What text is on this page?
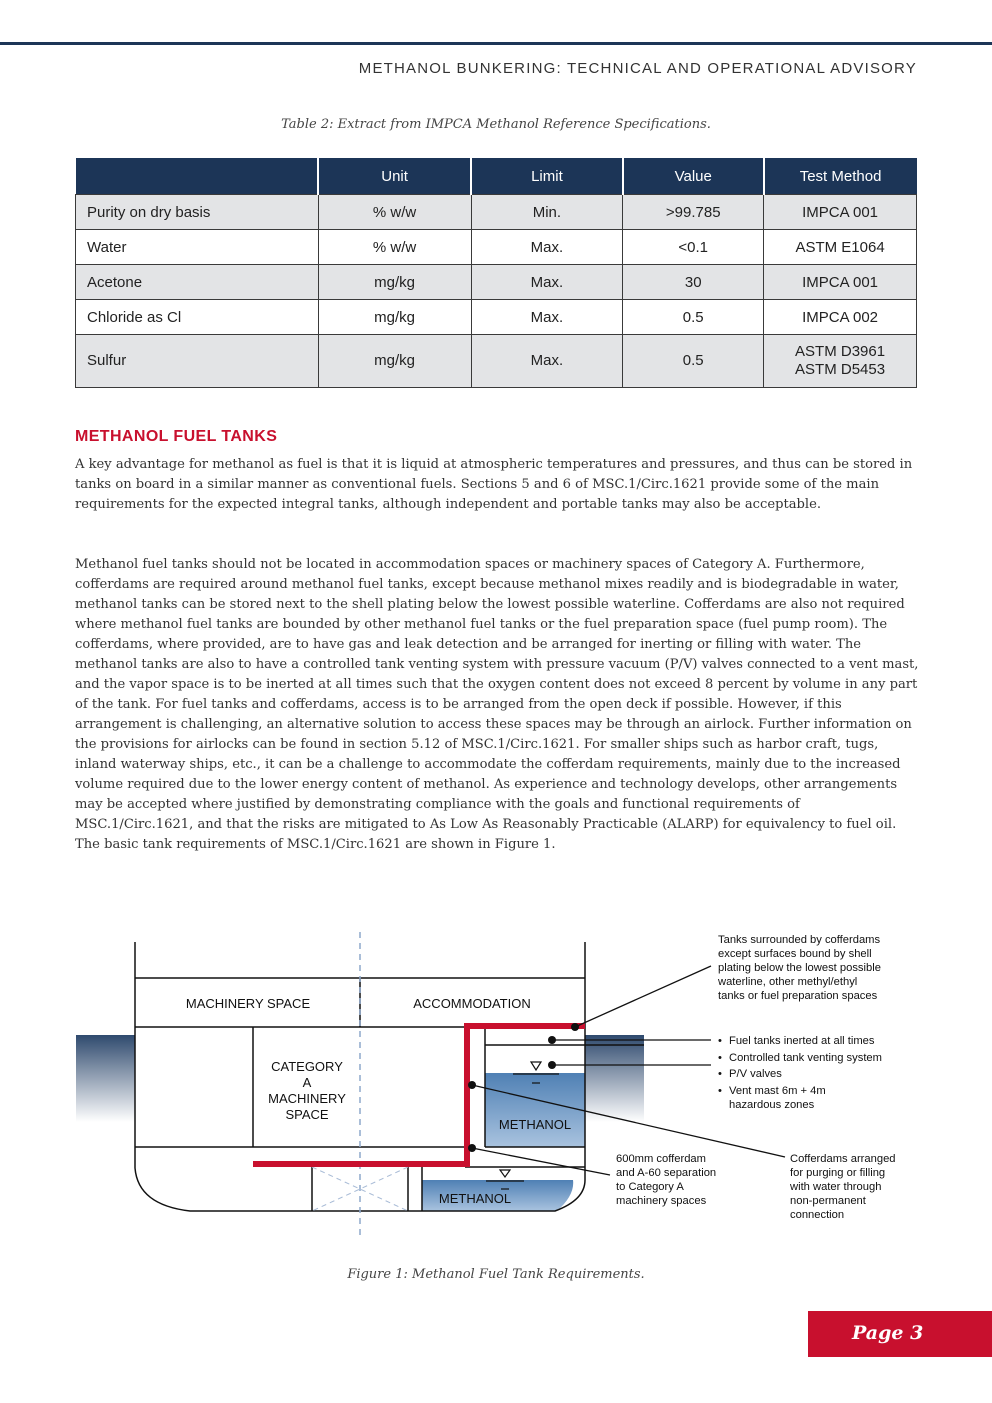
METHANOL BUNKERING: TECHNICAL AND OPERATIONAL ADVISORY
Table 2: Extract from IMPCA Methanol Reference Specifications.
	Unit	Limit	Value	Test Method
Purity on dry basis	% w/w	Min.	>99.785	IMPCA 001
Water	% w/w	Max.	<0.1	ASTM E1064
Acetone	mg/kg	Max.	30	IMPCA 001
Chloride as Cl	mg/kg	Max.	0.5	IMPCA 002
Sulfur	mg/kg	Max.	0.5	ASTM D3961
ASTM D5453
METHANOL FUEL TANKS

A key advantage for methanol as fuel is that it is liquid at atmospheric temperatures and pressures, and thus can be stored in tanks on board in a similar manner as conventional fuels. Sections 5 and 6 of MSC.1/Circ.1621 provide some of the main requirements for the expected integral tanks, although independent and portable tanks may also be acceptable.

Methanol fuel tanks should not be located in accommodation spaces or machinery spaces of Category A. Furthermore, cofferdams are required around methanol fuel tanks, except because methanol mixes readily and is biodegradable in water, methanol tanks can be stored next to the shell plating below the lowest possible waterline. Cofferdams are also not required where methanol fuel tanks are bounded by other methanol fuel tanks or the fuel preparation space (fuel pump room). The cofferdams, where provided, are to have gas and leak detection and be arranged for inerting or filling with water. The methanol tanks are also to have a controlled tank venting system with pressure vacuum (P/V) valves connected to a vent mast, and the vapor space is to be inerted at all times such that the oxygen content does not exceed 8 percent by volume in any part of the tank. For fuel tanks and cofferdams, access is to be arranged from the open deck if possible. However, if this arrangement is challenging, an alternative solution to access these spaces may be through an airlock. Further information on the provisions for airlocks can be found in section 5.12 of MSC.1/Circ.1621. For smaller ships such as harbor craft, tugs, inland waterway ships, etc., it can be a challenge to accommodate the cofferdam requirements, mainly due to the increased volume required due to the lower energy content of methanol. As experience and technology develops, other arrangements may be accepted where justified by demonstrating compliance with the goals and functional requirements of MSC.1/Circ.1621, and that the risks are mitigated to As Low As Reasonably Practicable (ALARP) for equivalency to fuel oil. The basic tank requirements of MSC.1/Circ.1621 are shown in Figure 1.

MACHINERY SPACE	ACCOMMODATION
CATEGORY
A
MACHINERY
SPACE
METHANOL
METHANOL
Tanks surrounded by cofferdams
except surfaces bound by shell
plating below the lowest possible
waterline, other methyl/ethyl
tanks or fuel preparation spaces
• Fuel tanks inerted at all times
• Controlled tank venting system
• P/V valves
• Vent mast 6m + 4m
hazardous zones
600mm cofferdam
and A-60 separation
to Category A
machinery spaces
Cofferdams arranged
for purging or filling
with water through
non-permanent
connection
Figure 1: Methanol Fuel Tank Requirements.
Page 3
